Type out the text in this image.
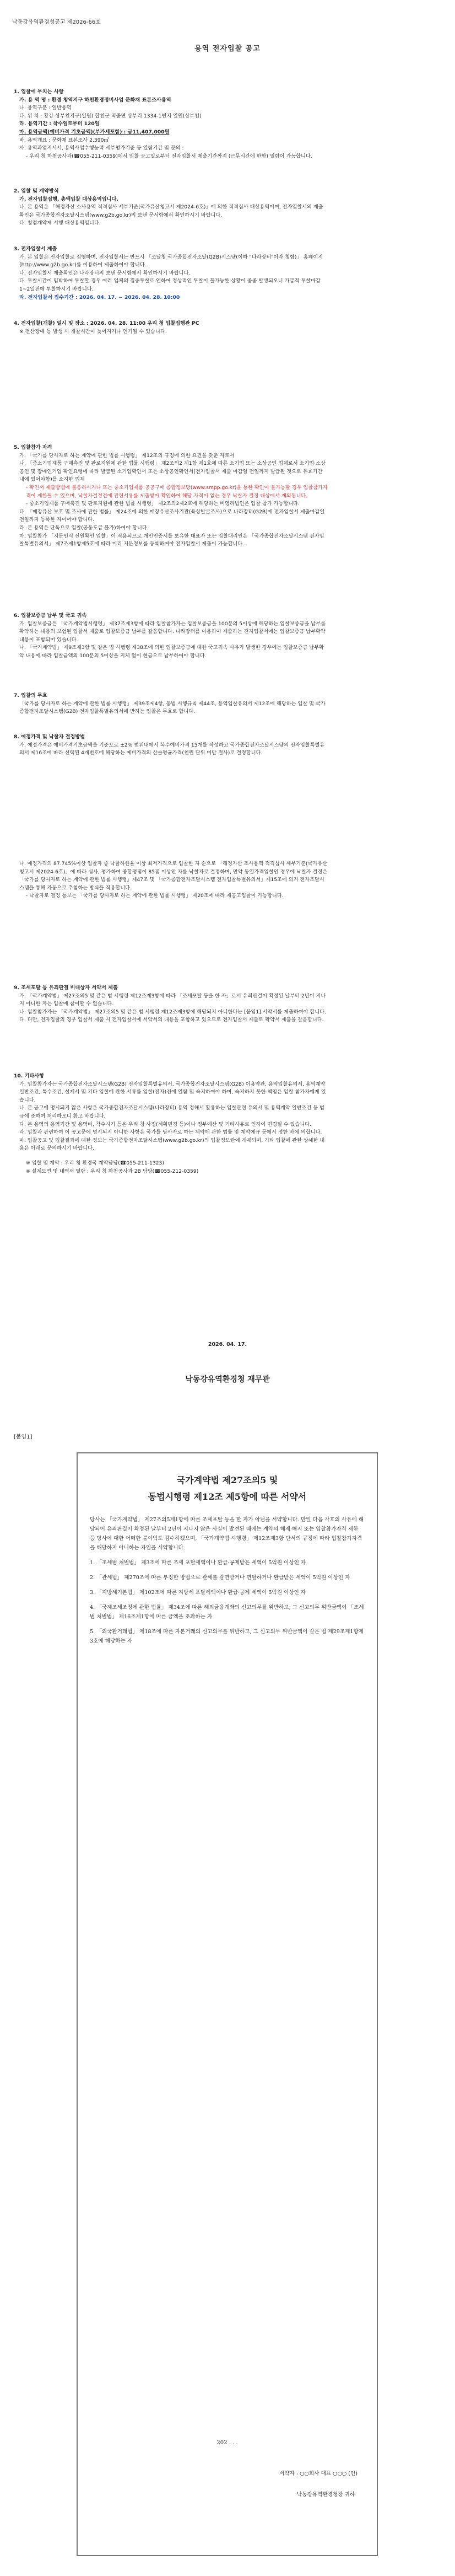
낙동강유역환경청공고 제2026-66호
용역 전자입찰 공고

1. 입찰에 부치는 사항

가. 용 역 명 : 환경 청역지구 하천환경정비사업 문화재 표본조사용역

나. 용역구분 : 일반용역

다. 위 치 : 황강 상부천지구(일원) 합천군 적중면 상부리 1334-1번지 일원(상부천)

라. 용역기간 : 착수일로부터 120일

마. 용역금액(예비가격 기초금액)(부가세포함) : 금11,407,000원

바. 용역개요 : 문화재 표본조사 2,390㎡

사. 용역과업지시서, 용역사업수행능력 세부평가기준 등 열람기간 및 문의 :

- 우리 청 하천공사과(☎055-211-0359)에서 입찰 공고일로부터 전자입찰서 제출기간까지 (근무시간에 한함) 열람이 가능합니다.

2. 입찰 및 계약방식

가. 전자입찰집행, 총액입찰 대상용역입니다.

나. 본 용역은 「해정자산 소사용역 적격심사 세부기준(국가유산청고시 제2024-6호)」에 의한 적격심사 대상용역이며, 전자입찰서의 제출 확인은 국가종합전자조달시스템(www.g2b.go.kr)의 보낸 문서함에서 확인하시기 바랍니다.

다. 청렴계약제 시행 대상용역입니다.

3. 전자입찰서 제출

가. 본 입찰은 전자입찰로 집행하며, 전자입찰서는 반드시 「조달청 국가종합전자조달(G2B)시스템(이하 "나라장터"이라 칭함)」 홈페이지(http://www.g2b.go.kr)를 이용하여 제출하여야 합니다.

나. 전자입찰서 제출확인은 나라장터의 보낸 문서함에서 확인하시기 바랍니다.

다. 투찰시간이 임박하여 투찰할 경우 여러 업체의 집중투찰로 인하여 정상적인 투찰이 불가능한 상황이 종종 발생되오니 가급적 투찰마감 1~2일전에 투찰하시기 바랍니다.

라. 전자입찰서 접수기간 : 2026. 04. 17. ~ 2026. 04. 28. 10:00

4. 전자입찰(개찰) 일시 및 장소 : 2026. 04. 28. 11:00 우리 청 입찰집행관 PC

※ 전산장애 등 발생 시 개찰시간이 늦어지거나 연기될 수 있습니다.

5. 입찰참가 자격

가. 「국가를 당사자로 하는 계약에 관한 법률 시행령」 제12조의 규정에 의한 요건을 갖춘 자로서

나. 「중소기업제품 구매촉진 및 판로지원에 관한 법률 시행령」 제2조의2 제1항 제1호에 따른 소기업 또는 소상공인 업체로서 소기업·소상공인 및 장애인기업 확인요령에 따라 발급된 소기업확인서 또는 소상공인확인서(전자입찰서 제출 마감일 전일까지 발급된 것으로 유효기간 내에 있어야함)를 소지한 업체

- 확인서 제출방법에 불응하시거나 또는 중소기업제품 공공구매 종합정보망(www.smpp.go.kr)을 통한 확인이 불가능할 경우 입찰참가자격이 제한될 수 있으며, 낙찰자결정전에 관련서류를 제출받아 확인하여 해당 자격이 없는 경우 낙찰자 결정 대상에서 제외됩니다.

- 중소기업제품 구매촉진 및 판로지원에 관한 법률 시행령」 제2조의2제2호에 해당하는 비영리법인은 입찰 참가 가능합니다.

다. 「매장유산 보호 및 조사에 관한 법률」 제24조에 의한 매장유산조사기관(육상발굴조사)으로 나라장터(G2B)에 전자입찰서 제출마감일 전일까지 등록한 자이어야 합니다.

라. 본 용역은 단독으로 입찰(공동도급 불가)하여야 합니다.

마. 입찰참가 「지문인식 신원확인 입찰」이 적용되므로 개인인증서를 보유한 대표자 또는 입찰대리인은 「국가종합전자조달시스템 전자입찰특별유의서」 제7조제1항제5호에 따라 미리 지문정보를 등록하여야 전자입찰서 제출이 가능합니다.

6. 입찰보증금 납부 및 국고 귀속

가. 입찰보증금은 「국가계약법시행령」 제37조제3항에 따라 입찰참가자는 입찰보증금을 100분의 5이상에 해당하는 입찰보증금을 납부를 확약하는 내용의 보험된 입찰서 제출로 입찰보증금 납부를 갈음합니다. 나라장터를 이용하여 제출하는 전자입찰서에는 입찰보증금 납부확약 내용이 포함되어 있습니다.

나. 「국가계약법」 제9조제3항 및 같은 법 시행령 제38조에 의한 입찰보증금에 대한 국고귀속 사유가 발생한 경우에는 입찰보증금 납부확약 내용에 따라 입찰금액의 100분의 5이상을 지체 없이 현금으로 납부하여야 합니다.

7. 입찰의 무효

「국가를 당사자로 하는 계약에 관한 법률 시행령」 제39조제4항, 동법 시행규칙 제44조, 용역입찰유의서 제12조에 해당하는 입찰 및 국가종합전자조달시스템(G2B) 전자입찰특별유의서에 반하는 입찰은 무효로 합니다.

8. 예정가격 및 낙찰자 결정방법

가. 예정가격은 예비가격기초금액을 기준으로 ±2% 범위내에서 복수예비가격 15개를 작성하고 국가종합전자조달시스템의 전자입찰특별유의서 제16조에 따라 선택된 4개번호에 해당하는 예비가격의 산술평균가격(천원 단위 미만 절사)로 결정합니다.

나. 예정가격의 87.745%이상 입찰자 중 낙찰하한율 이상 최저가격으로 입찰한 자 순으로 「해정자산 조사용역 적격심사 세부기준(국가유산청고시 제2024-6호)」에 따라 심사, 평가하여 종합평점이 85점 이상인 자를 낙찰자로 결정하며, 만약 동일가격입찰인 경우에 낙찰자 결정은 「국가를 당사자로 하는 계약에 관한 법률 시행령」제47조 및 「국가종합전자조달시스템 전자입찰특별유의서」제15조에 의거 전자조달시스템을 통해 자동으로 추첨하는 방식을 적용합니다.

- 낙찰자로 결정 통보는 「국가를 당사자로 하는 계약에 관한 법률 시행령」 제20조에 따라 재공고입찰이 가능합니다.

9. 조세포탈 등 유죄판결 비대상자 서약서 제출

가. 「국가계약법」 제27조의5 및 같은 법 시행령 제12조제3항에 따라 「조세포탈 등을 한 자」로서 유죄판결이 확정된 날부터 2년이 지나지 아니한 자는 입찰에 참여할 수 없습니다.

나. 입찰참가자는 「국가계약법」 제27조의5 및 같은 법 시행령 제12조제3항에 해당되지 아니한다는 [붙임1] 서약서를 제출하여야 합니다.

다. 다만, 전자입찰의 경우 입찰서 제출 시 전자입찰서에 서약서의 내용을 포함하고 있으므로 전자입찰서 제출로 확약서 제출을 갈음합니다.

10. 기타사항

가. 입찰참가자는 국가종합전자조달시스템(G2B) 전자입찰특별유의서, 국가종합전자조달시스템(G2B) 이용약관, 용역입찰유의서, 용역계약일반조건, 특수조건, 설계서 및 기타 입찰에 관한 서류를 입찰(전자)전에 열람 및 숙지하여야 하며, 숙지하지 못한 책임은 입찰 참가자에게 있습니다.

나. 본 공고에 명시되지 않은 사항은 국가종합전자조달시스템(나라장터) 용역 정해서 활용하는 입찰관련 유의서 및 용역계약 일반조건 등 법규에 준하여 처리하오니 참고 바랍니다.

다. 본 용역의 용역기간 및 용역비, 착수시기 등은 우리 청 사정(계획변경 등)이나 정부예산 및 기타사유로 인하여 변경될 수 있습니다.

라. 입찰과 관련하여 이 공고문에 명시되지 아니한 사항은 국가를 당사자로 하는 계약에 관한 법률 및 계약예규 등에서 정한 바에 의합니다.

마. 입찰공고 및 입찰결과에 대한 정보는 국가종합전자조달시스템(www.g2b.go.kr)의 입찰정보란에 게재되며, 기타 입찰에 관한 상세한 내용은 아래로 문의하시기 바랍니다.

※ 입찰 및 계약 : 우리 청 환경국 계약담당(☎055-211-1323)

※ 설계도면 및 내역서 열람 : 우리 청 하천공사과 2B 담당(☎055-212-0359)

2026. 04. 17.
낙동강유역환경청 재무관
[붙임1]
국가계약법 제27조의5 및
동법시행령 제12조 제5항에 따른 서약서

당사는 「국가계약법」 제27조의5제1항에 따른 조세포탈 등을 한 자가 아님을 서약합니다. 만일 다음 각호의 사유에 해당되어 유죄판결이 확정된 날부터 2년이 지나지 않은 사실이 발견된 때에는 계약의 해제·해지 또는 입찰참가자격 제한 등 당사에 대한 어떠한 불이익도 감수하겠으며, 「국가계약법 시행령」 제12조제3항 단서의 규정에 따라 입찰참가자격을 해당하지 아니하는 자임을 서약합니다.

1. 「조세범 처벌법」 제3조에 따른 조세 포탈세액이나 환급·공제받은 세액이 5억원 이상인 자

2. 「관세법」 제270조에 따른 부정한 방법으로 관세를 감면받거나 면탈하거나 환급받은 세액이 5억원 이상인 자

3. 「지방세기본법」 제102조에 따른 지방세 포탈세액이나 환급·공제 세액이 5억원 이상인 자

4. 「국제조세조정에 관한 법률」 제34조에 따른 해외금융계좌의 신고의무를 위반하고, 그 신고의무 위반금액이 「조세범 처벌법」 제16조제1항에 따른 금액을 초과하는 자

5. 「외국환거래법」 제18조에 따른 자본거래의 신고의무를 위반하고, 그 신고의무 위반금액이 같은 법 제29조제1항제3호에 해당하는 자

202 . . .
서약자 : ○○회사 대표 ○○○ (인)
낙동강유역환경청장 귀하
